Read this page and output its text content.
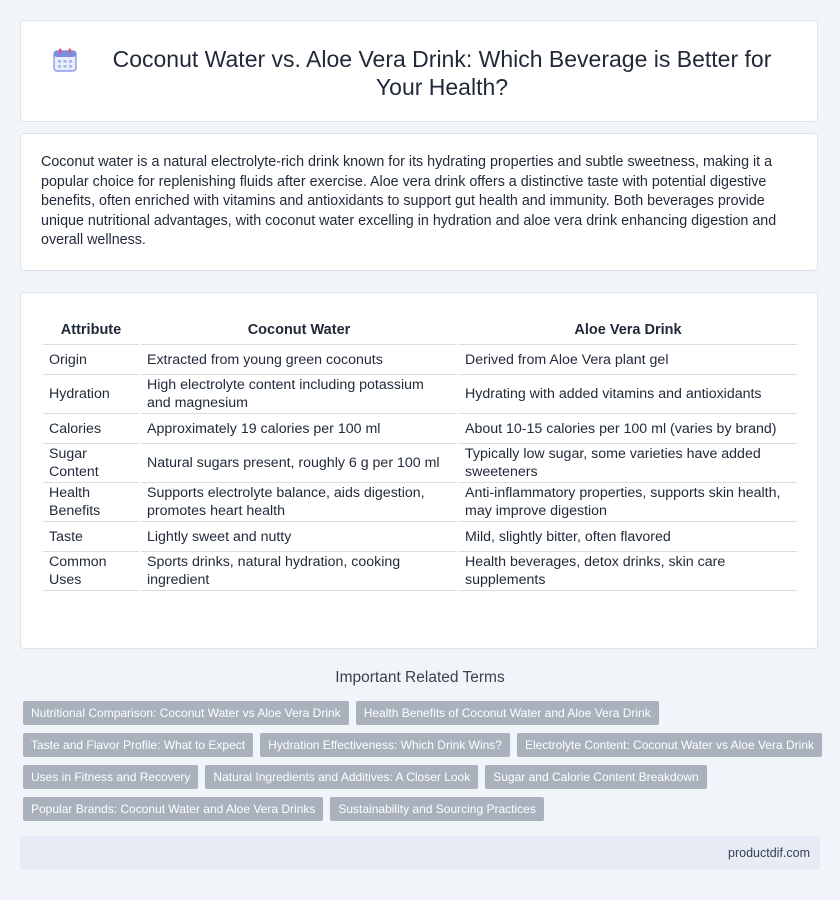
Coconut Water vs. Aloe Vera Drink: Which Beverage is Better for Your Health?

Coconut water is a natural electrolyte-rich drink known for its hydrating properties and subtle sweetness, making it a popular choice for replenishing fluids after exercise. Aloe vera drink offers a distinctive taste with potential digestive benefits, often enriched with vitamins and antioxidants to support gut health and immunity. Both beverages provide unique nutritional advantages, with coconut water excelling in hydration and aloe vera drink enhancing digestion and overall wellness.

Attribute	Coconut Water	Aloe Vera Drink
Origin	Extracted from young green coconuts	Derived from Aloe Vera plant gel
Hydration	High electrolyte content including potassium and magnesium	Hydrating with added vitamins and antioxidants
Calories	Approximately 19 calories per 100 ml	About 10-15 calories per 100 ml (varies by brand)
Sugar Content	Natural sugars present, roughly 6 g per 100 ml	Typically low sugar, some varieties have added sweeteners
Health Benefits	Supports electrolyte balance, aids digestion, promotes heart health	Anti-inflammatory properties, supports skin health, may improve digestion
Taste	Lightly sweet and nutty	Mild, slightly bitter, often flavored
Common Uses	Sports drinks, natural hydration, cooking ingredient	Health beverages, detox drinks, skin care supplements
Important Related Terms
Nutritional Comparison: Coconut Water vs Aloe Vera Drink	Health Benefits of Coconut Water and Aloe Vera Drink
Taste and Flavor Profile: What to Expect	Hydration Effectiveness: Which Drink Wins?	Electrolyte Content: Coconut Water vs Aloe Vera Drink
Uses in Fitness and Recovery	Natural Ingredients and Additives: A Closer Look	Sugar and Calorie Content Breakdown
Popular Brands: Coconut Water and Aloe Vera Drinks	Sustainability and Sourcing Practices
productdif.com
